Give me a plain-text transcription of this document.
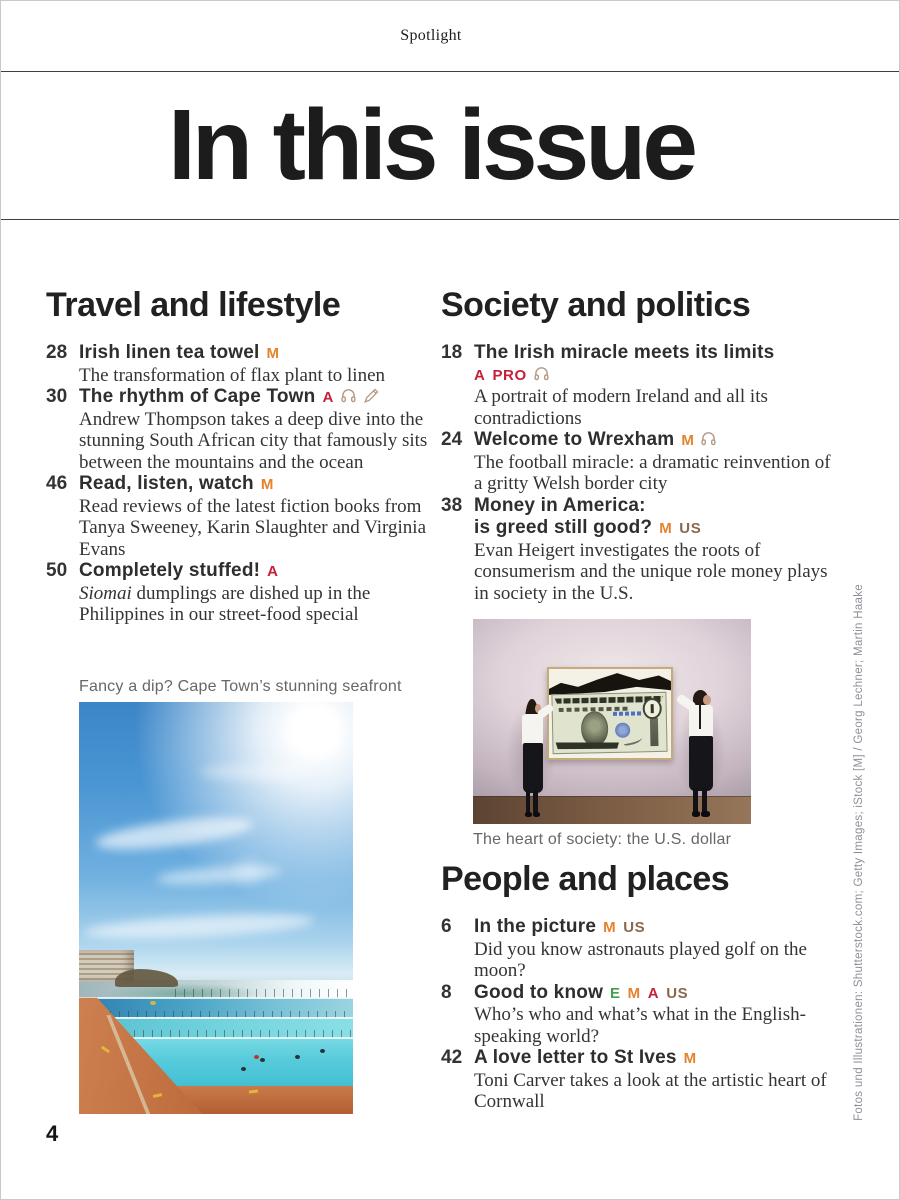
Spotlight
In this issue
Travel and lifestyle
28 Irish linen tea towel M
The transformation of flax plant to linen
30 The rhythm of Cape Town A
Andrew Thompson takes a deep dive into the stunning South African city that famously sits between the mountains and the ocean
46 Read, listen, watch M
Read reviews of the latest fiction books from Tanya Sweeney, Karin Slaughter and Virginia Evans
50 Completely stuffed! A
Siomai dumplings are dished up in the Philippines in our street-food special
Society and politics
18 The Irish miracle meets its limits
A PRO
A portrait of modern Ireland and all its contradictions
24 Welcome to Wrexham M
The football miracle: a dramatic reinvention of a gritty Welsh border city
38 Money in America:
is greed still good? M US
Evan Heigert investigates the roots of consumerism and the unique role money plays in society in the U.S.
People and places
6	In the picture M US
Did you know astronauts played golf on the moon?
8	Good to know E M A US
Who’s who and what’s what in the English-speaking world?
42 A love letter to St Ives M
Toni Carver takes a look at the artistic heart of Cornwall
Fancy a dip? Cape Town’s stunning seafront
The heart of society: the U.S. dollar
4
Fotos und Illustrationen: Shutterstock.com; Getty Images; iStock [M] / Georg Lechner; Martin Haake
